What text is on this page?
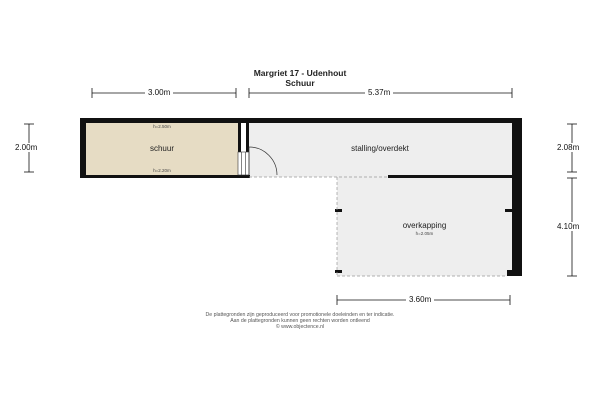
Margriet 17 - Udenhout
Schuur
3.00m	5.37m
2.00m	2.08m
4.10m
3.60m
h=2.50m
schuur
h=2.20m
stalling/overdekt
overkapping
h=2.05m
De plattegronden zijn geproduceerd voor promotionele doeleinden en ter indicatie.
Aan de plattegronden kunnen geen rechten worden ontleend
© www.objectence.nl
